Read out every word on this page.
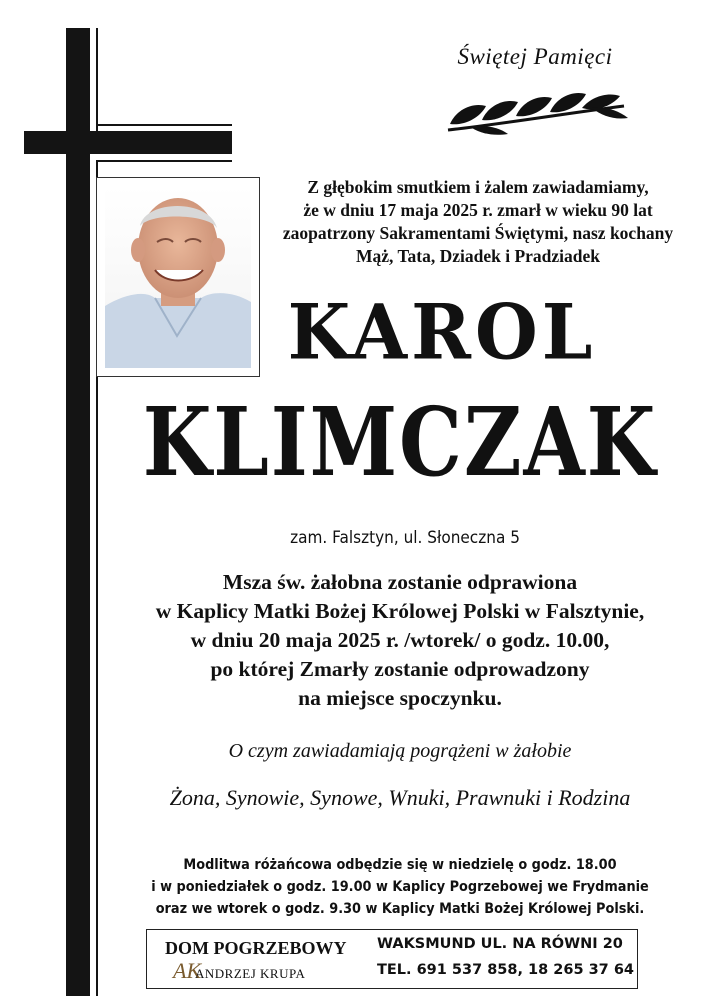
Świętej Pamięci
Z głębokim smutkiem i żalem zawiadamiamy,
że w dniu 17 maja 2025 r. zmarł w wieku 90 lat
zaopatrzony Sakramentami Świętymi, nasz kochany
Mąż, Tata, Dziadek i Pradziadek
KAROL
KLIMCZAK
zam. Falsztyn, ul. Słoneczna 5
Msza św. żałobna zostanie odprawiona
w Kaplicy Matki Bożej Królowej Polski w Falsztynie,
w dniu 20 maja 2025 r. /wtorek/ o godz. 10.00,
po której Zmarły zostanie odprowadzony
na miejsce spoczynku.
O czym zawiadamiają pogrążeni w żałobie
Żona, Synowie, Synowe, Wnuki, Prawnuki i Rodzina
Modlitwa różańcowa odbędzie się w niedzielę o godz. 18.00
i w poniedziałek o godz. 19.00 w Kaplicy Pogrzebowej we Frydmanie
oraz we wtorek o godz. 9.30 w Kaplicy Matki Bożej Królowej Polski.
DOM POGRZEBOWY
AK
ANDRZEJ KRUPA
WAKSMUND UL. NA RÓWNI 20
TEL. 691 537 858, 18 265 37 64
